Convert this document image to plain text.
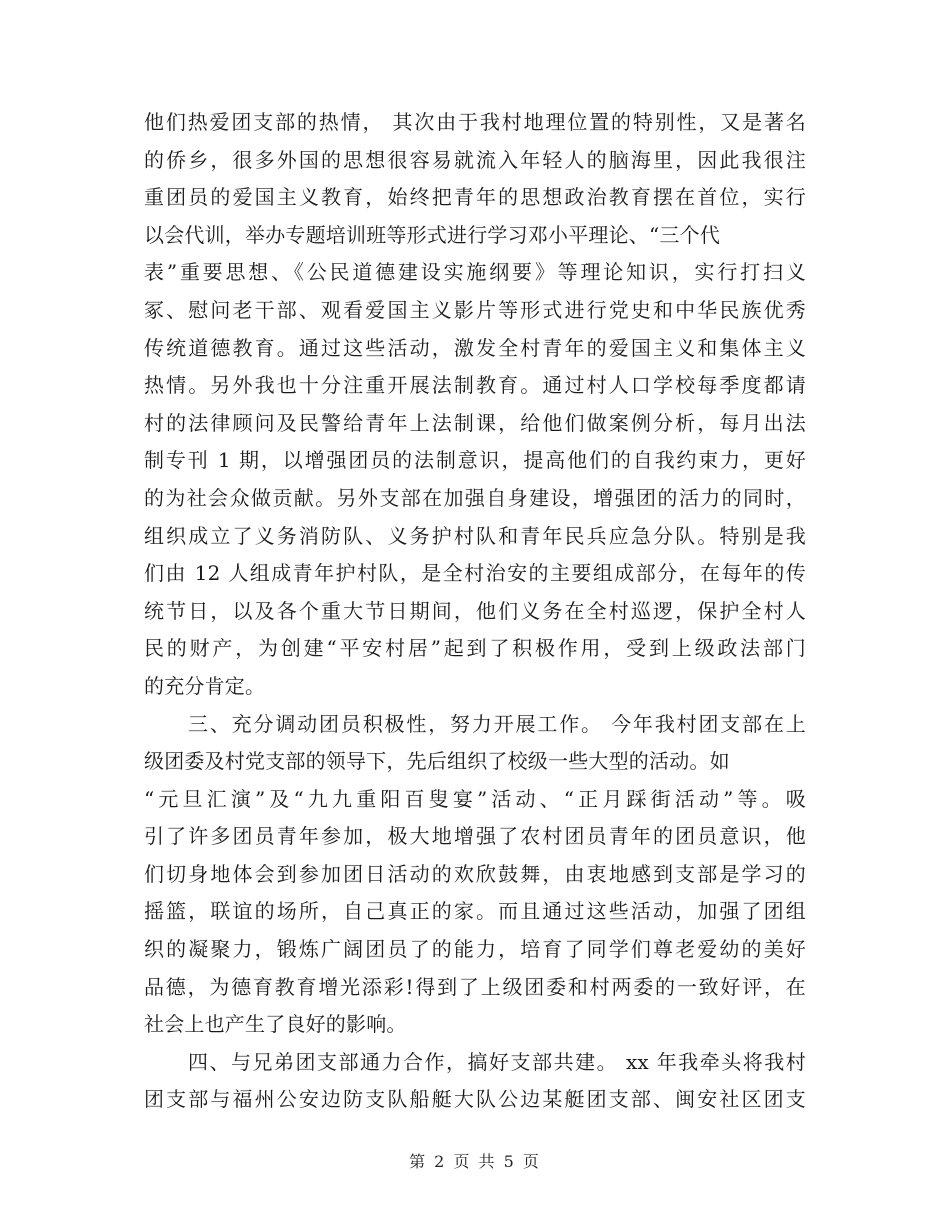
他们热爱团支部的热情， 其次由于我村地理位置的特别性，又是著名
的侨乡，很多外国的思想很容易就流入年轻人的脑海里，因此我很注
重团员的爱国主义教育，始终把青年的思想政治教育摆在首位，实行
以会代训，举办专题培训班等形式进行学习邓小平理论、“三个代
表”重要思想、《公民道德建设实施纲要》等理论知识，实行打扫义
冢、慰问老干部、观看爱国主义影片等形式进行党史和中华民族优秀
传统道德教育。通过这些活动，激发全村青年的爱国主义和集体主义
热情。另外我也十分注重开展法制教育。通过村人口学校每季度都请
村的法律顾问及民警给青年上法制课，给他们做案例分析，每月出法
制专刊 1 期，以增强团员的法制意识，提高他们的自我约束力，更好
的为社会众做贡献。另外支部在加强自身建设，增强团的活力的同时，
组织成立了义务消防队、义务护村队和青年民兵应急分队。特别是我
们由 12 人组成青年护村队，是全村治安的主要组成部分，在每年的传
统节日，以及各个重大节日期间，他们义务在全村巡逻，保护全村人
民的财产，为创建“平安村居”起到了积极作用，受到上级政法部门
的充分肯定。
三、充分调动团员积极性，努力开展工作。 今年我村团支部在上
级团委及村党支部的领导下，先后组织了校级一些大型的活动。如
“元旦汇演”及“九九重阳百叟宴”活动、“正月踩街活动”等。吸
引了许多团员青年参加，极大地增强了农村团员青年的团员意识，他
们切身地体会到参加团日活动的欢欣鼓舞，由衷地感到支部是学习的
摇篮，联谊的场所，自己真正的家。而且通过这些活动，加强了团组
织的凝聚力，锻炼广阔团员了的能力，培育了同学们尊老爱幼的美好
品德，为德育教育增光添彩!得到了上级团委和村两委的一致好评，在
社会上也产生了良好的影响。
四、与兄弟团支部通力合作，搞好支部共建。 xx 年我牵头将我村
团支部与福州公安边防支队船艇大队公边某艇团支部、闽安社区团支
第 2 页 共 5 页
